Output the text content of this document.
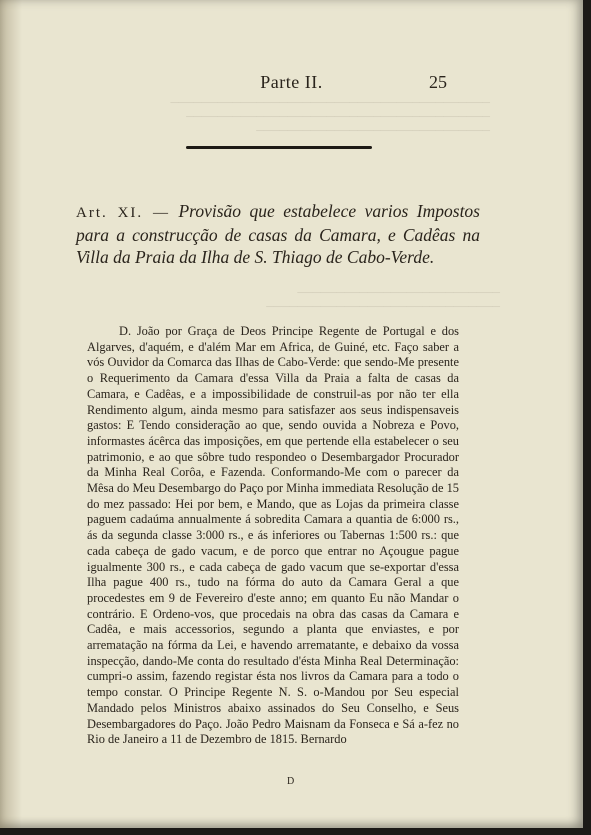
─────────────────────────────────────────
───────────────────────────────────────
──────────────────────────────
──────────────────────────
──────────────────────────────
Parte II.	25
Art. XI. — Provisão que estabelece varios Impostos para a construcção de casas da Camara, e Cadêas na Villa da Praia da Ilha de S. Thiago de Cabo-Verde.
D. João por Graça de Deos Principe Regente de Portugal e dos Algarves, d'aquém, e d'além Mar em Africa, de Guiné, etc. Faço saber a vós Ouvidor da Comarca das Ilhas de Cabo-Verde: que sendo-Me presente o Requerimento da Camara d'essa Villa da Praia a falta de casas da Camara, e Cadêas, e a impossibilidade de construil-as por não ter ella Rendimento algum, ainda mesmo para satisfazer aos seus indispensaveis gastos: E Tendo consideração ao que, sendo ouvida a Nobreza e Povo, informastes ácêrca das imposições, em que pertende ella estabelecer o seu patrimonio, e ao que sôbre tudo respondeo o Desembargador Procurador da Minha Real Corôa, e Fazenda. Conformando-Me com o parecer da Mêsa do Meu Desembargo do Paço por Minha immediata Resolução de 15 do mez passado: Hei por bem, e Mando, que as Lojas da primeira classe paguem cadaúma annualmente á sobredita Camara a quantia de 6:000 rs., ás da segunda classe 3:000 rs., e ás inferiores ou Tabernas 1:500 rs.: que cada cabeça de gado vacum, e de porco que entrar no Açougue pague igualmente 300 rs., e cada cabeça de gado vacum que se-exportar d'essa Ilha pague 400 rs., tudo na fórma do auto da Camara Geral a que procedestes em 9 de Fevereiro d'este anno; em quanto Eu não Mandar o contrário. E Ordeno-vos, que procedais na obra das casas da Camara e Cadêa, e mais accessorios, segundo a planta que enviastes, e por arrematação na fórma da Lei, e havendo arrematante, e debaixo da vossa inspecção, dando-Me conta do resultado d'ésta Minha Real Determinação: cumpri-o assim, fazendo registar ésta nos livros da Camara para a todo o tempo constar. O Principe Regente N. S. o-Mandou por Seu especial Mandado pelos Ministros abaixo assinados do Seu Conselho, e Seus Desembargadores do Paço. João Pedro Maisnam da Fonseca e Sá a-fez no Rio de Janeiro a 11 de Dezembro de 1815. Bernardo
D
